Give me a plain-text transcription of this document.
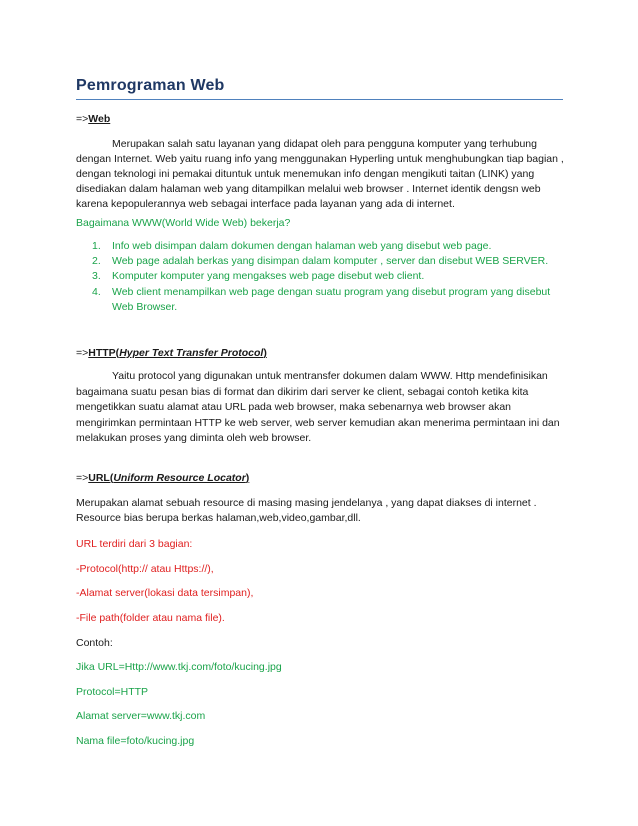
Pemrograman Web
=>Web
Merupakan salah satu layanan yang didapat oleh para pengguna komputer yang terhubung
dengan Internet. Web yaitu ruang info yang menggunakan Hyperling untuk menghubungkan tiap bagian ,
dengan teknologi ini pemakai dituntuk untuk menemukan info dengan mengikuti taitan (LINK) yang
disediakan dalam halaman web yang ditampilkan melalui web browser . Internet identik dengsn web
karena kepopulerannya web sebagai interface pada layanan yang ada di internet.
Bagaimana WWW(World Wide Web) bekerja?
1. Info web disimpan dalam dokumen dengan halaman web yang disebut web page.
2. Web page adalah berkas yang disimpan dalam komputer , server dan disebut WEB SERVER.
3. Komputer komputer yang mengakses web page disebut web client.
4. Web client menampilkan web page dengan suatu program yang disebut program yang disebut
Web Browser.
=>HTTP(Hyper Text Transfer Protocol)
Yaitu protocol yang digunakan untuk mentransfer dokumen dalam WWW. Http mendefinisikan
bagaimana suatu pesan bias di format dan dikirim dari server ke client, sebagai contoh ketika kita
mengetikkan suatu alamat atau URL pada web browser, maka sebenarnya web browser akan
mengirimkan permintaan HTTP ke web server, web server kemudian akan menerima permintaan ini dan
melakukan proses yang diminta oleh web browser.
=>URL(Uniform Resource Locator)
Merupakan alamat sebuah resource di masing masing jendelanya , yang dapat diakses di internet .
Resource bias berupa berkas halaman,web,video,gambar,dll.
URL terdiri dari 3 bagian:
-Protocol(http:// atau Https://),
-Alamat server(lokasi data tersimpan),
-File path(folder atau nama file).
Contoh:
Jika URL=Http://www.tkj.com/foto/kucing.jpg
Protocol=HTTP
Alamat server=www.tkj.com
Nama file=foto/kucing.jpg
